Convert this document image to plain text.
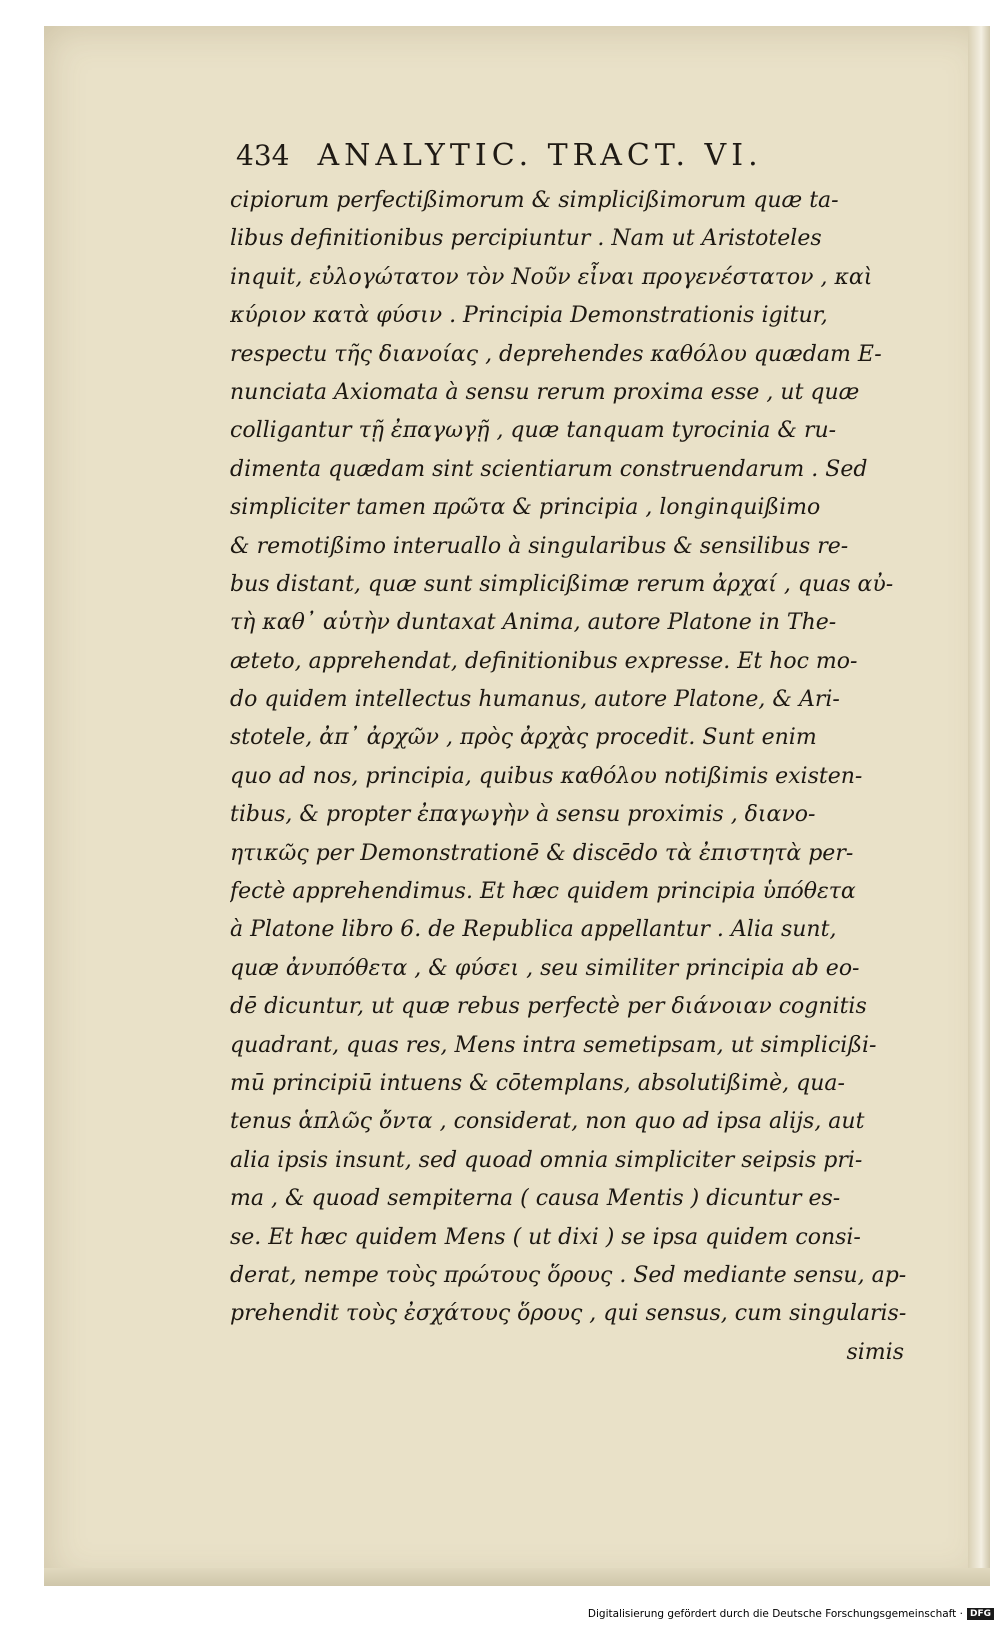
434 ANALYTIC. TRACT. VI.
cipiorum perfectißimorum & simplicißimorum quæ ta-
libus definitionibus percipiuntur . Nam ut Aristoteles
inquit, εὐλογώτατον τὸν Νοῦν εἶναι προγενέστατον , καὶ
κύριον κατὰ φύσιν . Principia Demonstrationis igitur,
respectu τῆς διανοίας , deprehendes καθόλου quædam E-
nunciata Axiomata à sensu rerum proxima esse , ut quæ
colligantur τῇ ἐπαγωγῇ , quæ tanquam tyrocinia & ru-
dimenta quædam sint scientiarum construendarum . Sed
simpliciter tamen πρῶτα & principia , longinquißimo
& remotißimo interuallo à singularibus & sensilibus re-
bus distant, quæ sunt simplicißimæ rerum ἀρχαί , quas αὐ-
τὴ καθ᾽ αὑτὴν duntaxat Anima, autore Platone in The-
æteto, apprehendat, definitionibus expresse. Et hoc mo-
do quidem intellectus humanus, autore Platone, & Ari-
stotele, ἀπ᾽ ἀρχῶν , πρὸς ἀρχὰς procedit. Sunt enim
quo ad nos, principia, quibus καθόλου notißimis existen-
tibus, & propter ἐπαγωγὴν à sensu proximis , διανο-
ητικῶς per Demonstrationē & discēdo τὰ ἐπιστητὰ per-
fectè apprehendimus. Et hæc quidem principia ὑπόθετα
à Platone libro 6. de Republica appellantur . Alia sunt,
quæ ἀνυπόθετα , & φύσει , seu similiter principia ab eo-
dē dicuntur, ut quæ rebus perfectè per διάνοιαν cognitis
quadrant, quas res, Mens intra semetipsam, ut simplicißi-
mū principiū intuens & cōtemplans, absolutißimè, qua-
tenus ἁπλῶς ὄντα , considerat, non quo ad ipsa alijs, aut
alia ipsis insunt, sed quoad omnia simpliciter seipsis pri-
ma , & quoad sempiterna ( causa Mentis ) dicuntur es-
se. Et hæc quidem Mens ( ut dixi ) se ipsa quidem consi-
derat, nempe τοὺς πρώτους ὅρους . Sed mediante sensu, ap-
prehendit τοὺς ἐσχάτους ὅρους , qui sensus, cum singularis-
simis
Digitalisierung gefördert durch die Deutsche Forschungsgemeinschaft · DFG
